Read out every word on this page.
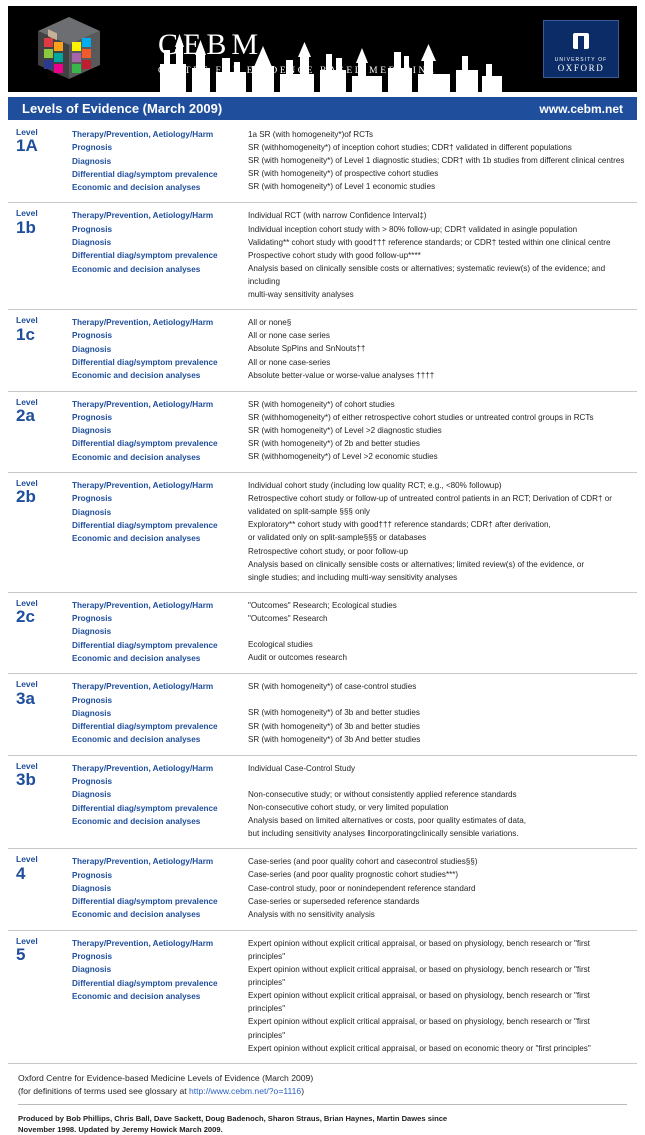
CEBM
CENTRE FOR EVIDENCE BASED MEDICINE
UNIVERSITY OF
OXFORD
Levels of Evidence (March 2009)	www.cebm.net
Level
1A

Therapy/Prevention, Aetiology/Harm
Prognosis
Diagnosis
Differential diag/symptom prevalence
Economic and decision analyses

1a SR (with homogeneity*)of RCTs
SR (withhomogeneity*) of inception cohort studies; CDR† validated in different populations
SR (with homogeneity*) of Level 1 diagnostic studies; CDR† with 1b studies from different clinical centres
SR (with homogeneity*) of prospective cohort studies
SR (with homogeneity*) of Level 1 economic studies

Level
1b

Therapy/Prevention, Aetiology/Harm
Prognosis
Diagnosis
Differential diag/symptom prevalence
Economic and decision analyses

Individual RCT (with narrow Confidence Interval‡)
Individual inception cohort study with > 80% follow-up; CDR† validated in asingle population
Validating** cohort study with good††† reference standards; or CDR† tested within one clinical centre
Prospective cohort study with good follow-up****
Analysis based on clinically sensible costs or alternatives; systematic review(s) of the evidence; and including
multi-way sensitivity analyses

Level
1c

Therapy/Prevention, Aetiology/Harm
Prognosis
Diagnosis
Differential diag/symptom prevalence
Economic and decision analyses

All or none§
All or none case series
Absolute SpPins and SnNouts††
All or none case-series
Absolute better-value or worse-value analyses ††††

Level
2a

Therapy/Prevention, Aetiology/Harm
Prognosis
Diagnosis
Differential diag/symptom prevalence
Economic and decision analyses

SR (with homogeneity*) of cohort studies
SR (withhomogeneity*) of either retrospective cohort studies or untreated control groups in RCTs
SR (with homogeneity*) of Level >2 diagnostic studies
SR (with homogeneity*) of 2b and better studies
SR (withhomogeneity*) of Level >2 economic studies

Level
2b

Therapy/Prevention, Aetiology/Harm
Prognosis
Diagnosis
Differential diag/symptom prevalence
Economic and decision analyses

Individual cohort study (including low quality RCT; e.g., <80% followup)
Retrospective cohort study or follow-up of untreated control patients in an RCT; Derivation of CDR† or
validated on split-sample §§§ only
Exploratory** cohort study with good††† reference standards; CDR† after derivation,
or validated only on split-sample§§§ or databases
Retrospective cohort study, or poor follow-up
Analysis based on clinically sensible costs or alternatives; limited review(s) of the evidence, or
single studies; and including multi-way sensitivity analyses

Level
2c

Therapy/Prevention, Aetiology/Harm
Prognosis
Diagnosis
Differential diag/symptom prevalence
Economic and decision analyses

"Outcomes" Research; Ecological studies
"Outcomes" Research

Ecological studies
Audit or outcomes research

Level
3a

Therapy/Prevention, Aetiology/Harm
Prognosis
Diagnosis
Differential diag/symptom prevalence
Economic and decision analyses

SR (with homogeneity*) of case-control studies

SR (with homogeneity*) of 3b and better studies
SR (with homogeneity*) of 3b and better studies
SR (with homogeneity*) of 3b And better studies

Level
3b

Therapy/Prevention, Aetiology/Harm
Prognosis
Diagnosis
Differential diag/symptom prevalence
Economic and decision analyses

Individual Case-Control Study

Non-consecutive study; or without consistently applied reference standards
Non-consecutive cohort study, or very limited population
Analysis based on limited alternatives or costs, poor quality estimates of data,
but including sensitivity analyses ‖incorporatingclinically sensible variations.

Level
4

Therapy/Prevention, Aetiology/Harm
Prognosis
Diagnosis
Differential diag/symptom prevalence
Economic and decision analyses

Case-series (and poor quality cohort and casecontrol studies§§)
Case-series (and poor quality prognostic cohort studies***)
Case-control study, poor or nonindependent reference standard
Case-series or superseded reference standards
Analysis with no sensitivity analysis

Level
5

Therapy/Prevention, Aetiology/Harm
Prognosis
Diagnosis
Differential diag/symptom prevalence
Economic and decision analyses

Expert opinion without explicit critical appraisal, or based on physiology, bench research or "first principles"
Expert opinion without explicit critical appraisal, or based on physiology, bench research or "first principles"
Expert opinion without explicit critical appraisal, or based on physiology, bench research or "first principles"
Expert opinion without explicit critical appraisal, or based on physiology, bench research or "first principles"
Expert opinion without explicit critical appraisal, or based on economic theory or "first principles"
Oxford Centre for Evidence-based Medicine Levels of Evidence (March 2009)
(for definitions of terms used see glossary at http://www.cebm.net/?o=1116)
Produced by Bob Phillips, Chris Ball, Dave Sackett, Doug Badenoch, Sharon Straus, Brian Haynes, Martin Dawes since
November 1998. Updated by Jeremy Howick March 2009.
